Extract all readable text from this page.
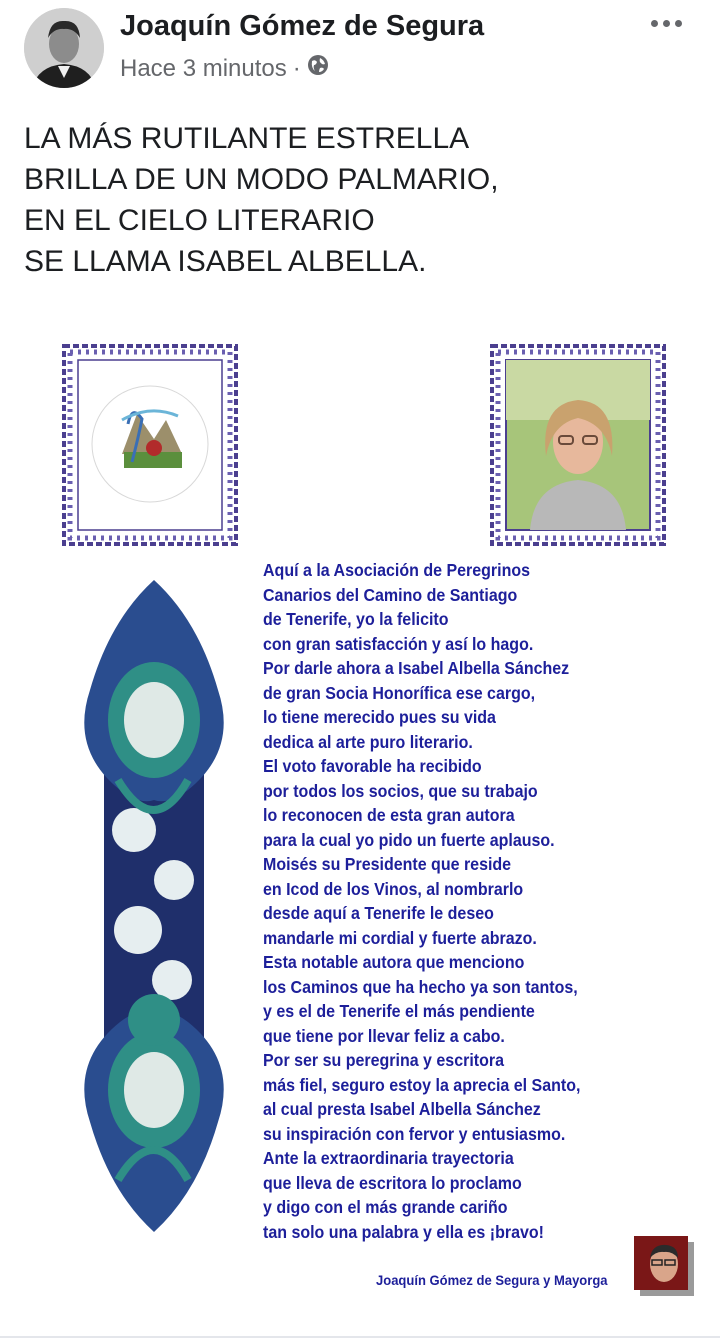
Joaquín Gómez de Segura
Hace 3 minutos ·
LA MÁS RUTILANTE ESTRELLA
BRILLA DE UN MODO PALMARIO,
EN EL CIELO LITERARIO
SE LLAMA ISABEL ALBELLA.
Aquí a la Asociación de Peregrinos
Canarios del Camino de Santiago
de Tenerife, yo la felicito
con gran satisfacción y así lo hago.
Por darle ahora a Isabel Albella Sánchez
de gran Socia Honorífica ese cargo,
lo tiene merecido pues su vida
dedica al arte puro literario.
El voto favorable ha recibido
por todos los socios, que su trabajo
lo reconocen de esta gran autora
para la cual yo pido un fuerte aplauso.
Moisés su Presidente que reside
en Icod de los Vinos, al nombrarlo
desde aquí a Tenerife le deseo
mandarle mi cordial y fuerte abrazo.
Esta notable autora que menciono
los Caminos que ha hecho ya son tantos,
y es el de Tenerife el más pendiente
que tiene por llevar feliz a cabo.
Por ser su peregrina y escritora
más fiel, seguro estoy la aprecia el Santo,
al cual presta Isabel Albella Sánchez
su inspiración con fervor y entusiasmo.
Ante la extraordinaria trayectoria
que lleva de escritora lo proclamo
y digo con el más grande cariño
tan solo una palabra y ella es ¡bravo!
Joaquín Gómez de Segura y Mayorga
